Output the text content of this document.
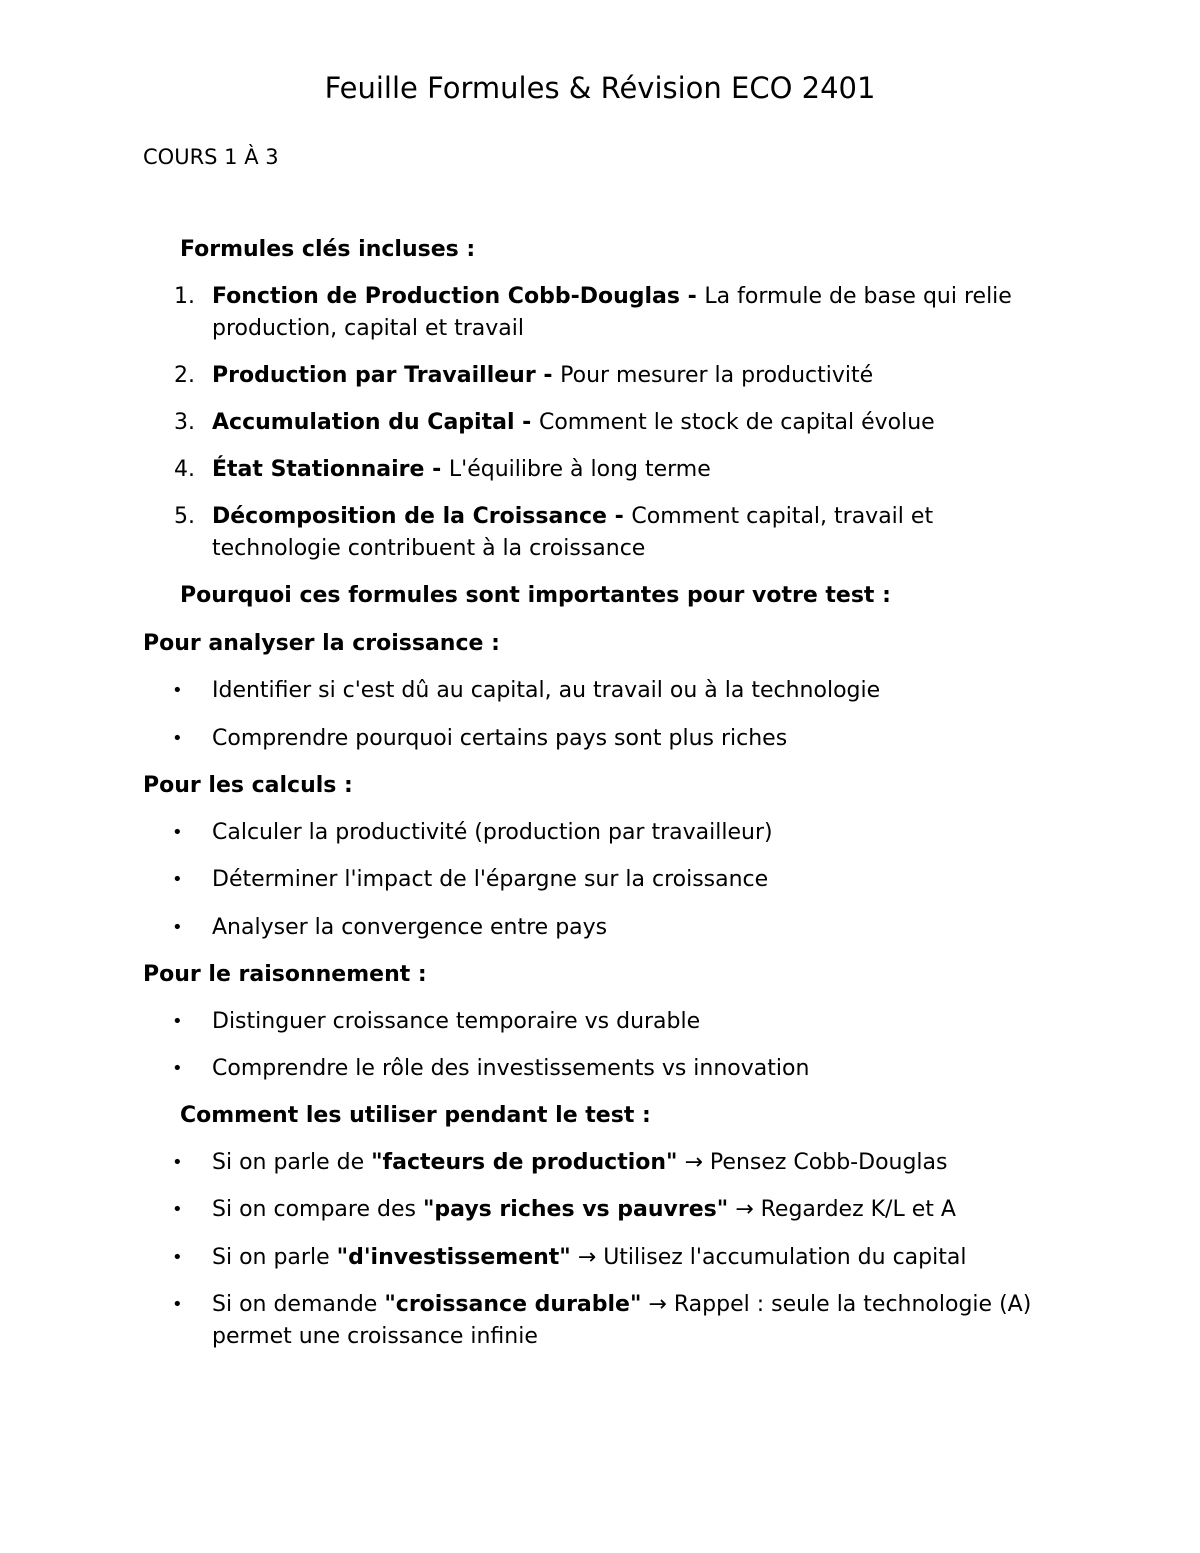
Feuille Formules & Révision ECO 2401

COURS 1 À 3

Formules clés incluses :

1. Fonction de Production Cobb-Douglas - La formule de base qui relie production, capital et travail
2. Production par Travailleur - Pour mesurer la productivité
3. Accumulation du Capital - Comment le stock de capital évolue
4. État Stationnaire - L'équilibre à long terme
5. Décomposition de la Croissance - Comment capital, travail et technologie contribuent à la croissance

Pourquoi ces formules sont importantes pour votre test :

Pour analyser la croissance :

• Identifier si c'est dû au capital, au travail ou à la technologie

• Comprendre pourquoi certains pays sont plus riches

Pour les calculs :

• Calculer la productivité (production par travailleur)

• Déterminer l'impact de l'épargne sur la croissance

• Analyser la convergence entre pays

Pour le raisonnement :

• Distinguer croissance temporaire vs durable

• Comprendre le rôle des investissements vs innovation

Comment les utiliser pendant le test :

• Si on parle de "facteurs de production" → Pensez Cobb-Douglas
• Si on compare des "pays riches vs pauvres" → Regardez K/L et A
• Si on parle "d'investissement" → Utilisez l'accumulation du capital
• Si on demande "croissance durable" → Rappel : seule la technologie (A) permet une croissance infinie
